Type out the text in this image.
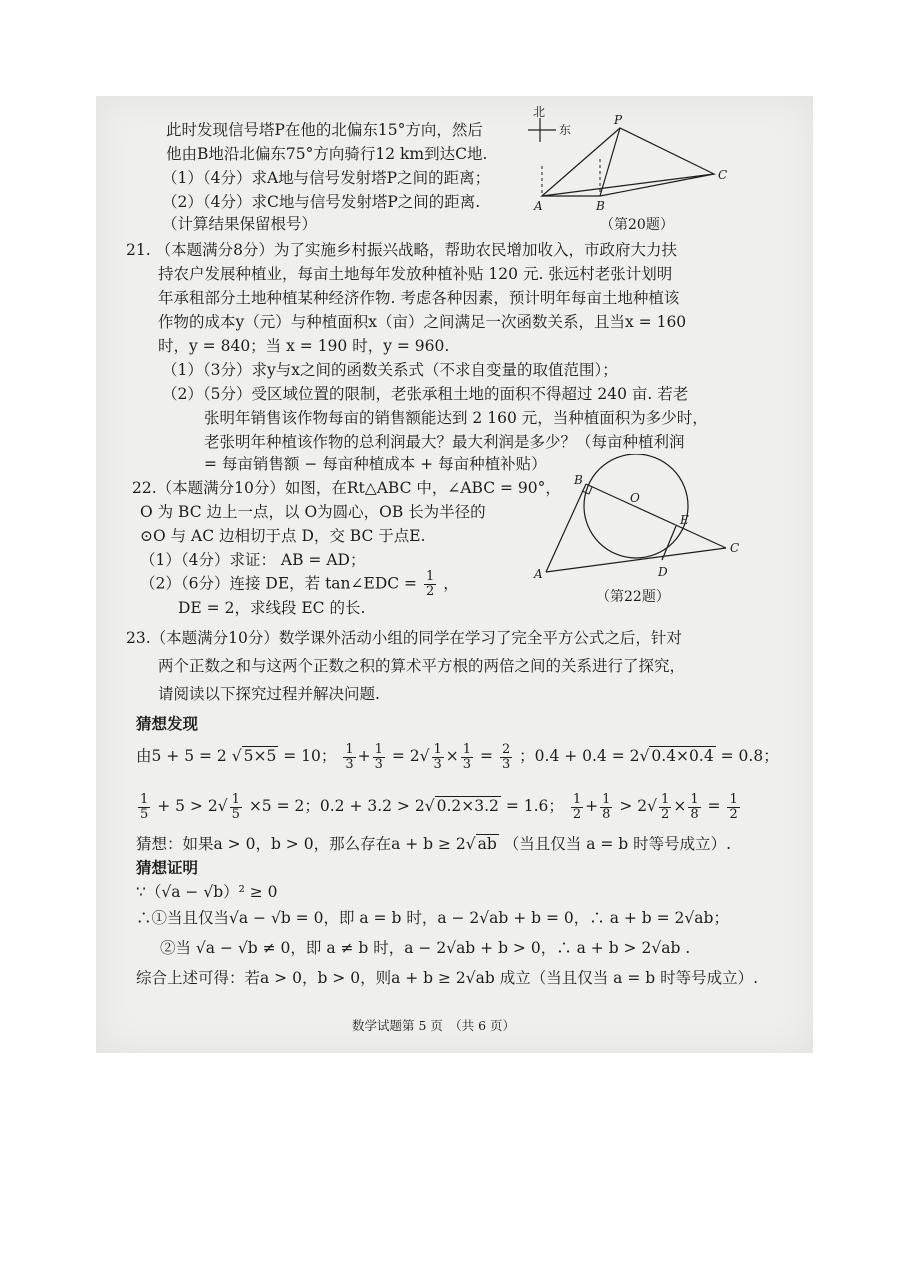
此时发现信号塔P在他的北偏东15°方向，然后
他由B地沿北偏东75°方向骑行12 km到达C地.
（1）（4分）求A地与信号发射塔P之间的距离；
（2）（4分）求C地与信号发射塔P之间的距离.
（计算结果保留根号）
北
东
P
C
A	B
（第20题）
21. （本题满分8分）为了实施乡村振兴战略，帮助农民增加收入，市政府大力扶
持农户发展种植业，每亩土地每年发放种植补贴 120 元. 张远村老张计划明
年承租部分土地种植某种经济作物. 考虑各种因素，预计明年每亩土地种植该
作物的成本y（元）与种植面积x（亩）之间满足一次函数关系，且当x = 160
时，y = 840；当 x = 190 时，y = 960.
（1）（3分）求y与x之间的函数关系式（不求自变量的取值范围）；
（2）（5分）受区域位置的限制，老张承租土地的面积不得超过 240 亩. 若老
张明年销售该作物每亩的销售额能达到 2 160 元，当种植面积为多少时，
老张明年种植该作物的总利润最大？最大利润是多少？（每亩种植利润
= 每亩销售额 − 每亩种植成本 + 每亩种植补贴）
22.（本题满分10分）如图，在Rt△ABC 中，∠ABC = 90°，
O 为 BC 边上一点，以 O为圆心，OB 长为半径的
⊙O 与 AC 边相切于点 D，交 BC 于点E.
（1）（4分）求证： AB = AD；
（2）（6分）连接 DE，若 tan∠EDC = $\frac{1}{2}$ ，
DE = 2，求线段 EC 的长.
B
O
E
C
A	D
（第22题）
23.（本题满分10分）数学课外活动小组的同学在学习了完全平方公式之后，针对
两个正数之和与这两个正数之积的算术平方根的两倍之间的关系进行了探究，
请阅读以下探究过程并解决问题.
猜想发现
由5 + 5 = 2 √ 5×5 = 10； $\frac{1}{3} + \frac{1}{3} = 2√ \frac{1}{3} \times \frac{1}{3} = \frac{2}{3}$ ；0.4 + 0.4 = 2√ 0.4×0.4 = 0.8；
$\frac{1}{5} + 5 > 2√ \frac{1}{5} \times 5 = 2$；0.2 + 3.2 > 2√ 0.2×3.2 = 1.6； $\frac{1}{2} + \frac{1}{8} > 2√ \frac{1}{2} \times \frac{1}{8} = \frac{1}{2}$
猜想：如果a > 0，b > 0，那么存在a + b ≥ 2√ ab （当且仅当 a = b 时等号成立）.
猜想证明
∵（√a − √b）² ≥ 0
∴①当且仅当√a − √b = 0，即 a = b 时，a − 2√ab + b = 0，∴ a + b = 2√ab；
②当 √a − √b ≠ 0，即 a ≠ b 时，a − 2√ab + b > 0，∴ a + b > 2√ab .
综合上述可得：若a > 0，b > 0，则a + b ≥ 2√ab 成立（当且仅当 a = b 时等号成立）.
数学试题第 5 页　（共 6 页）
